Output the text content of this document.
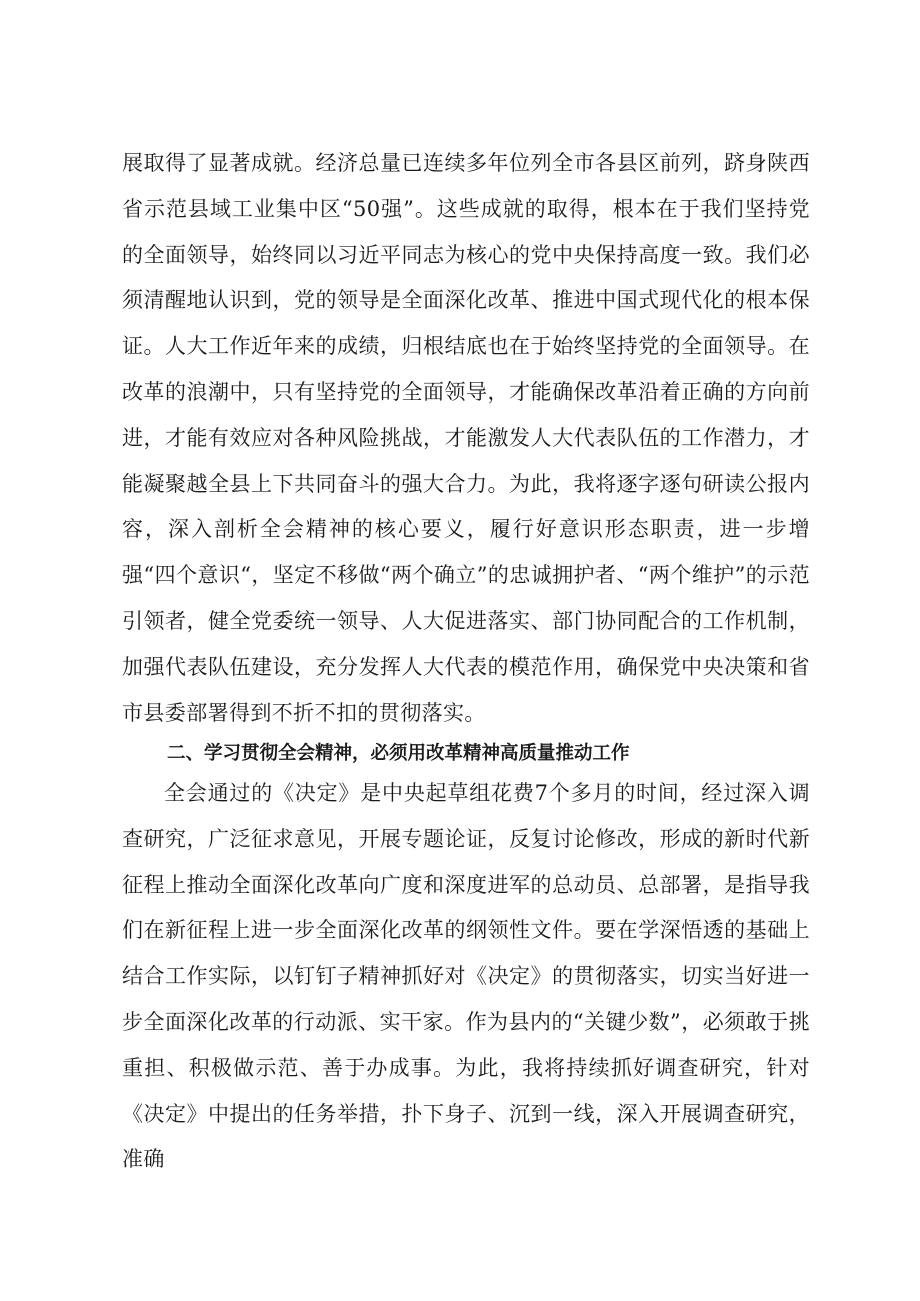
展取得了显著成就。经济总量已连续多年位列全市各县区前列，跻身陕西省示范县域工业集中区“50强”。这些成就的取得，根本在于我们坚持党的全面领导，始终同以习近平同志为核心的党中央保持高度一致。我们必须清醒地认识到，党的领导是全面深化改革、推进中国式现代化的根本保证。人大工作近年来的成绩，归根结底也在于始终坚持党的全面领导。在改革的浪潮中，只有坚持党的全面领导，才能确保改革沿着正确的方向前进，才能有效应对各种风险挑战，才能激发人大代表队伍的工作潜力，才能凝聚越全县上下共同奋斗的强大合力。为此，我将逐字逐句研读公报内容，深入剖析全会精神的核心要义，履行好意识形态职责，进一步增强“四个意识“，坚定不移做“两个确立”的忠诚拥护者、“两个维护”的示范引领者，健全党委统一领导、人大促进落实、部门协同配合的工作机制，加强代表队伍建设，充分发挥人大代表的模范作用，确保党中央决策和省市县委部署得到不折不扣的贯彻落实。

二、学习贯彻全会精神，必须用改革精神高质量推动工作

全会通过的《决定》是中央起草组花费7个多月的时间，经过深入调查研究，广泛征求意见，开展专题论证，反复讨论修改，形成的新时代新征程上推动全面深化改革向广度和深度进军的总动员、总部署，是指导我们在新征程上进一步全面深化改革的纲领性文件。要在学深悟透的基础上结合工作实际，以钉钉子精神抓好对《决定》的贯彻落实，切实当好进一步全面深化改革的行动派、实干家。作为县内的“关键少数”，必须敢于挑重担、积极做示范、善于办成事。为此，我将持续抓好调查研究，针对《决定》中提出的任务举措，扑下身子、沉到一线，深入开展调查研究，准确
